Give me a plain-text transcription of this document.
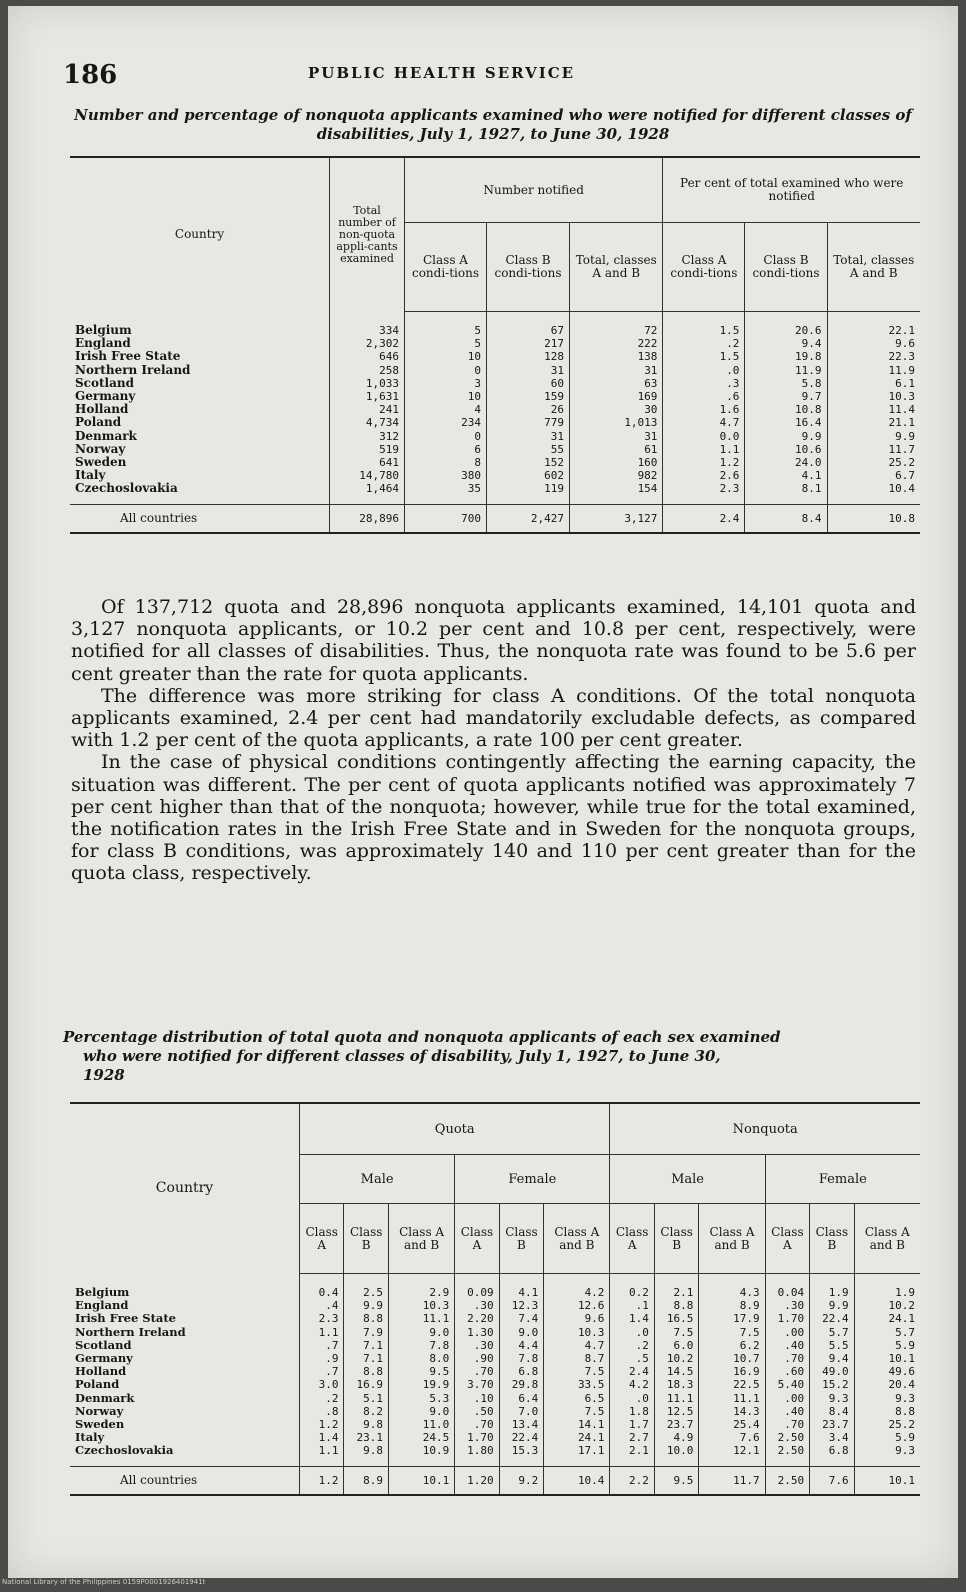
186	PUBLIC HEALTH SERVICE
Number and percentage of nonquota applicants examined who were notified for different classes of disabilities, July 1, 1927, to June 30, 1928
Country	Total number of non-quota appli-cants examined	Number notified			Per cent of total examined who were notified		
		Class A condi-tions	Class B condi-tions	Total, classes A and B	Class A condi-tions	Class B condi-tions	Total, classes A and B
Belgium	334	5	67	72	1.5	20.6	22.1
England	2,302	5	217	222	.2	9.4	9.6
Irish Free State	646	10	128	138	1.5	19.8	22.3
Northern Ireland	258	0	31	31	.0	11.9	11.9
Scotland	1,033	3	60	63	.3	5.8	6.1
Germany	1,631	10	159	169	.6	9.7	10.3
Holland	241	4	26	30	1.6	10.8	11.4
Poland	4,734	234	779	1,013	4.7	16.4	21.1
Denmark	312	0	31	31	0.0	9.9	9.9
Norway	519	6	55	61	1.1	10.6	11.7
Sweden	641	8	152	160	1.2	24.0	25.2
Italy	14,780	380	602	982	2.6	4.1	6.7
Czechoslovakia	1,464	35	119	154	2.3	8.1	10.4
All countries	28,896	700	2,427	3,127	2.4	8.4	10.8

Of 137,712 quota and 28,896 nonquota applicants examined, 14,101 quota and 3,127 nonquota applicants, or 10.2 per cent and 10.8 per cent, respectively, were notified for all classes of disabilities. Thus, the nonquota rate was found to be 5.6 per cent greater than the rate for quota applicants.

The difference was more striking for class A conditions. Of the total nonquota applicants examined, 2.4 per cent had mandatorily excludable defects, as compared with 1.2 per cent of the quota applicants, a rate 100 per cent greater.

In the case of physical conditions contingently affecting the earning capacity, the situation was different. The per cent of quota applicants notified was approximately 7 per cent higher than that of the nonquota; however, while true for the total examined, the notification rates in the Irish Free State and in Sweden for the nonquota groups, for class B conditions, was approximately 140 and 110 per cent greater than for the quota class, respectively.

Percentage distribution of total quota and nonquota applicants of each sex examined
who were notified for different classes of disability, July 1, 1927, to June 30,
1928
Country	Quota						Nonquota					
	Male			Female			Male			Female		
	Class A	Class B	Class A and B	Class A	Class B	Class A and B	Class A	Class B	Class A and B	Class A	Class B	Class A and B
Belgium	0.4	2.5	2.9	0.09	4.1	4.2	0.2	2.1	4.3	0.04	1.9	1.9
England	.4	9.9	10.3	.30	12.3	12.6	.1	8.8	8.9	.30	9.9	10.2
Irish Free State	2.3	8.8	11.1	2.20	7.4	9.6	1.4	16.5	17.9	1.70	22.4	24.1
Northern Ireland	1.1	7.9	9.0	1.30	9.0	10.3	.0	7.5	7.5	.00	5.7	5.7
Scotland	.7	7.1	7.8	.30	4.4	4.7	.2	6.0	6.2	.40	5.5	5.9
Germany	.9	7.1	8.0	.90	7.8	8.7	.5	10.2	10.7	.70	9.4	10.1
Holland	.7	8.8	9.5	.70	6.8	7.5	2.4	14.5	16.9	.60	49.0	49.6
Poland	3.0	16.9	19.9	3.70	29.8	33.5	4.2	18.3	22.5	5.40	15.2	20.4
Denmark	.2	5.1	5.3	.10	6.4	6.5	.0	11.1	11.1	.00	9.3	9.3
Norway	.8	8.2	9.0	.50	7.0	7.5	1.8	12.5	14.3	.40	8.4	8.8
Sweden	1.2	9.8	11.0	.70	13.4	14.1	1.7	23.7	25.4	.70	23.7	25.2
Italy	1.4	23.1	24.5	1.70	22.4	24.1	2.7	4.9	7.6	2.50	3.4	5.9
Czechoslovakia	1.1	9.8	10.9	1.80	15.3	17.1	2.1	10.0	12.1	2.50	6.8	9.3
All countries	1.2	8.9	10.1	1.20	9.2	10.4	2.2	9.5	11.7	2.50	7.6	10.1
National Library of the Philippines 0159P0001926401941t
